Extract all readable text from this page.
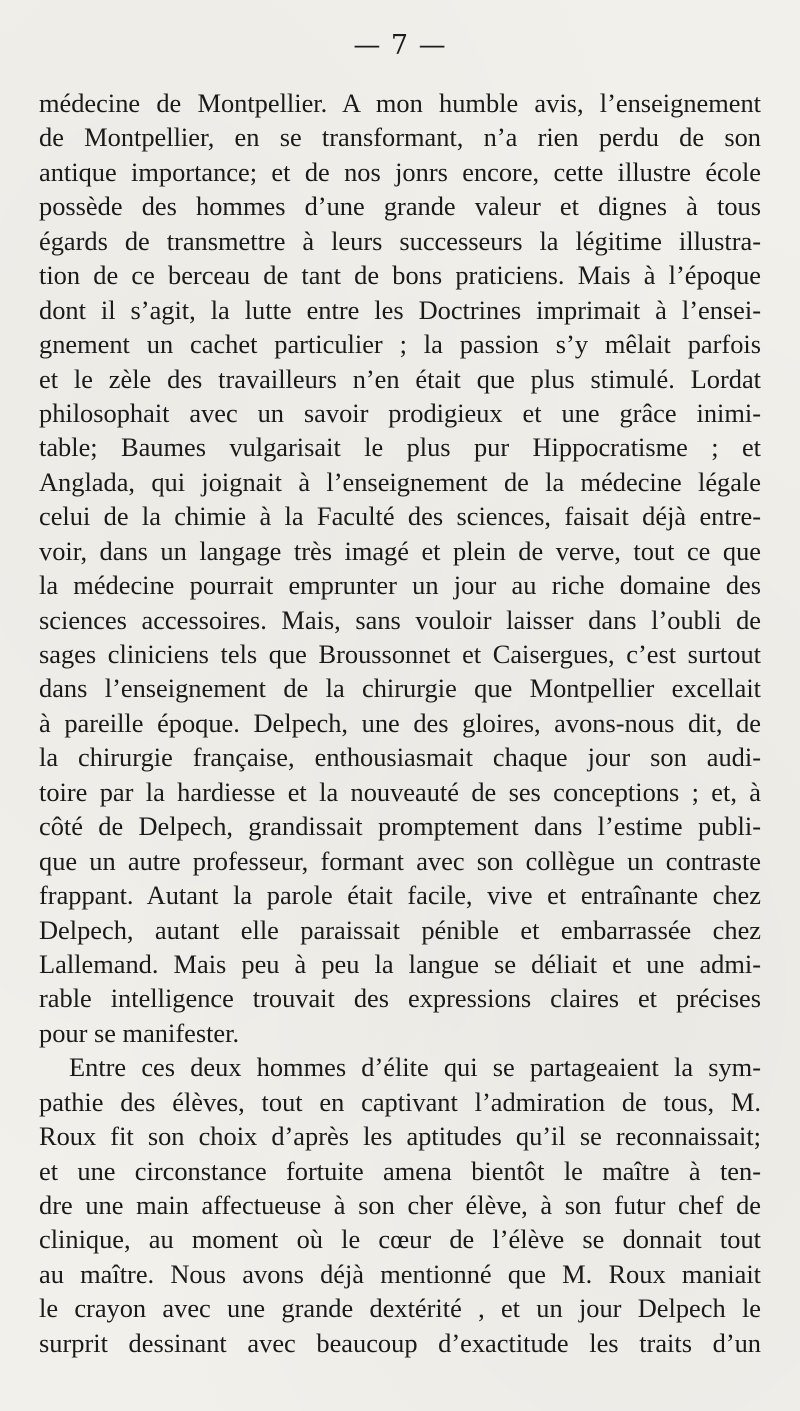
— 7 —
médecine de Montpellier. A mon humble avis, l’enseignement
de Montpellier, en se transformant, n’a rien perdu de son
antique importance; et de nos jonrs encore, cette illustre école
possède des hommes d’une grande valeur et dignes à tous
égards de transmettre à leurs successeurs la légitime illustra-
tion de ce berceau de tant de bons praticiens. Mais à l’époque
dont il s’agit, la lutte entre les Doctrines imprimait à l’ensei-
gnement un cachet particulier ; la passion s’y mêlait parfois
et le zèle des travailleurs n’en était que plus stimulé. Lordat
philosophait avec un savoir prodigieux et une grâce inimi-
table; Baumes vulgarisait le plus pur Hippocratisme ; et
Anglada, qui joignait à l’enseignement de la médecine légale
celui de la chimie à la Faculté des sciences, faisait déjà entre-
voir, dans un langage très imagé et plein de verve, tout ce que
la médecine pourrait emprunter un jour au riche domaine des
sciences accessoires. Mais, sans vouloir laisser dans l’oubli de
sages cliniciens tels que Broussonnet et Caisergues, c’est surtout
dans l’enseignement de la chirurgie que Montpellier excellait
à pareille époque. Delpech, une des gloires, avons-nous dit, de
la chirurgie française, enthousiasmait chaque jour son audi-
toire par la hardiesse et la nouveauté de ses conceptions ; et, à
côté de Delpech, grandissait promptement dans l’estime publi-
que un autre professeur, formant avec son collègue un contraste
frappant. Autant la parole était facile, vive et entraînante chez
Delpech, autant elle paraissait pénible et embarrassée chez
Lallemand. Mais peu à peu la langue se déliait et une admi-
rable intelligence trouvait des expressions claires et précises
pour se manifester.
Entre ces deux hommes d’élite qui se partageaient la sym-
pathie des élèves, tout en captivant l’admiration de tous, M.
Roux fit son choix d’après les aptitudes qu’il se reconnaissait;
et une circonstance fortuite amena bientôt le maître à ten-
dre une main affectueuse à son cher élève, à son futur chef de
clinique, au moment où le cœur de l’élève se donnait tout
au maître. Nous avons déjà mentionné que M. Roux maniait
le crayon avec une grande dextérité , et un jour Delpech le
surprit dessinant avec beaucoup d’exactitude les traits d’un
